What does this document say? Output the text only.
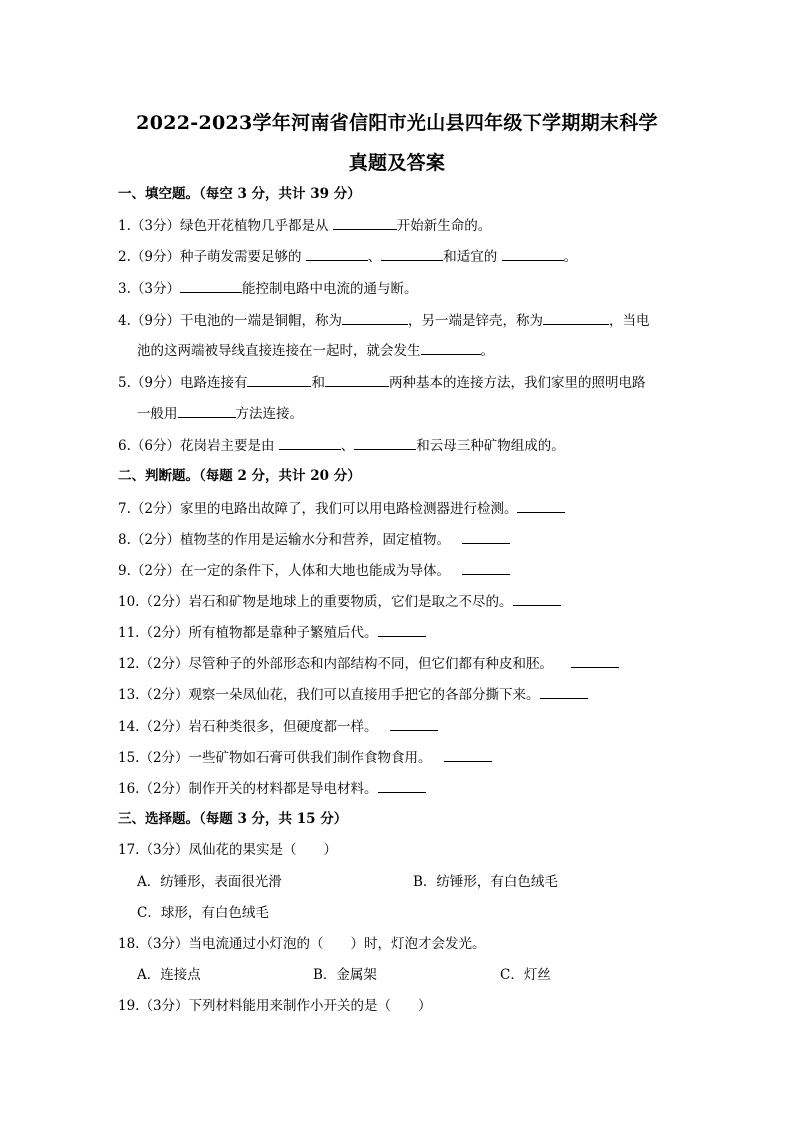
2022-2023学年河南省信阳市光山县四年级下学期期末科学
真题及答案
一、填空题。（每空 3 分，共计 39 分）
1.（3分）绿色开花植物几乎都是从	开始新生命的。
2.（9分）种子萌发需要足够的	、	和适宜的	。
3.（3分）	能控制电路中电流的通与断。
4.（9分）干电池的一端是铜帽，称为	，另一端是锌壳，称为	，当电
池的这两端被导线直接连接在一起时，就会发生	。
5.（9分）电路连接有	和	两种基本的连接方法，我们家里的照明电路
一般用	方法连接。
6.（6分）花岗岩主要是由	、	和云母三种矿物组成的。
二、判断题。（每题 2 分，共计 20 分）
7.（2分）家里的电路出故障了，我们可以用电路检测器进行检测。
8.（2分）植物茎的作用是运输水分和营养，固定植物。
9.（2分）在一定的条件下，人体和大地也能成为导体。
10.（2分）岩石和矿物是地球上的重要物质，它们是取之不尽的。
11.（2分）所有植物都是靠种子繁殖后代。
12.（2分）尽管种子的外部形态和内部结构不同，但它们都有种皮和胚。
13.（2分）观察一朵凤仙花，我们可以直接用手把它的各部分撕下来。
14.（2分）岩石种类很多，但硬度都一样。
15.（2分）一些矿物如石膏可供我们制作食物食用。
16.（2分）制作开关的材料都是导电材料。
三、选择题。（每题 3 分，共 15 分）
17.（3分）凤仙花的果实是（　　）
A．纺锤形，表面很光滑	B．纺锤形，有白色绒毛
C．球形，有白色绒毛
18.（3分）当电流通过小灯泡的（　　）时，灯泡才会发光。
A．连接点	B．金属架	C．灯丝
19.（3分）下列材料能用来制作小开关的是（　　）
